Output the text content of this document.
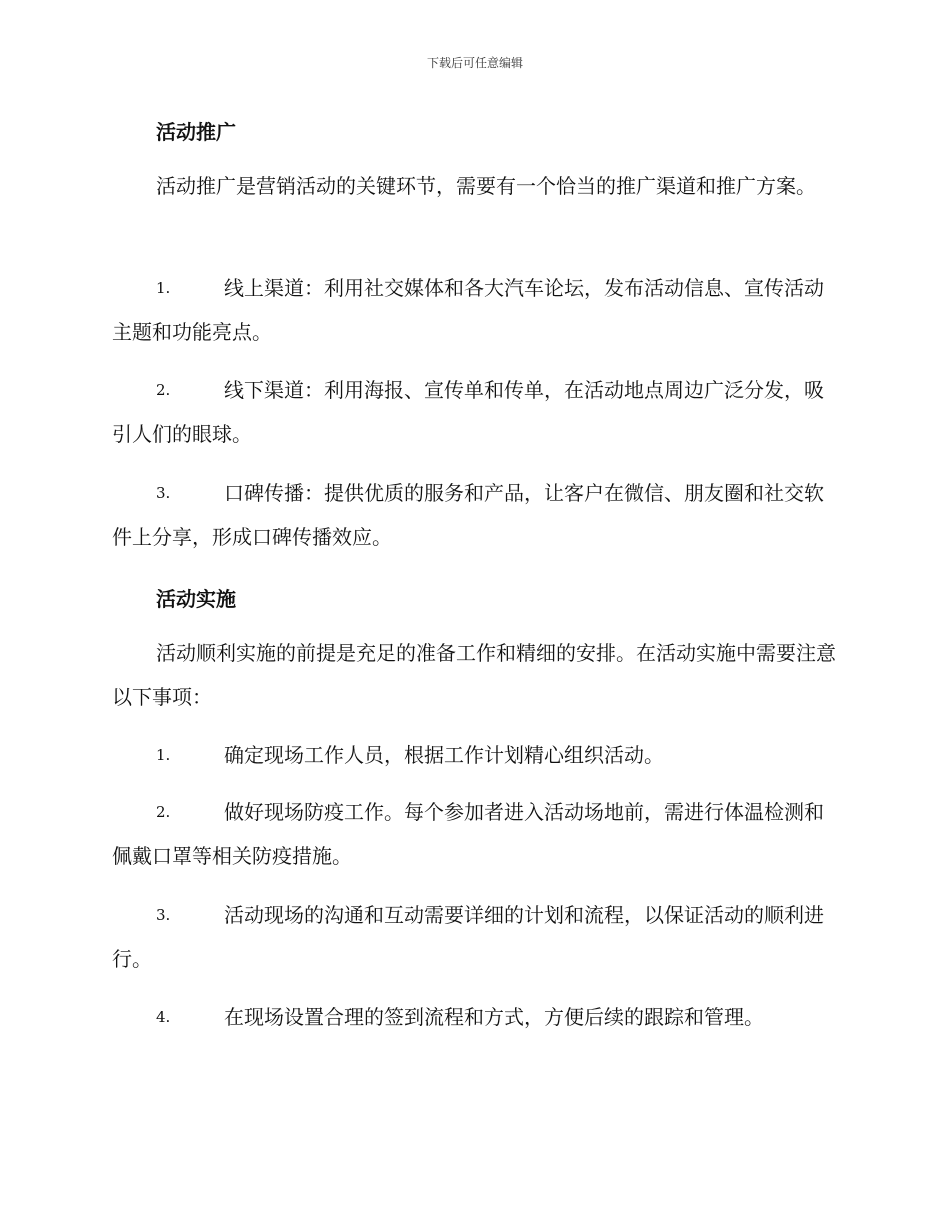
下载后可任意编辑
活动推广

活动推广是营销活动的关键环节，需要有一个恰当的推广渠道和推广方案。

1.	线上渠道：利用社交媒体和各大汽车论坛，发布活动信息、宣传活动主题和功能亮点。

2.	线下渠道：利用海报、宣传单和传单，在活动地点周边广泛分发，吸引人们的眼球。

3.	口碑传播：提供优质的服务和产品，让客户在微信、朋友圈和社交软件上分享，形成口碑传播效应。

活动实施

活动顺利实施的前提是充足的准备工作和精细的安排。在活动实施中需要注意以下事项：

1.	确定现场工作人员，根据工作计划精心组织活动。

2.	做好现场防疫工作。每个参加者进入活动场地前，需进行体温检测和佩戴口罩等相关防疫措施。

3.	活动现场的沟通和互动需要详细的计划和流程，以保证活动的顺利进行。

4.	在现场设置合理的签到流程和方式，方便后续的跟踪和管理。
